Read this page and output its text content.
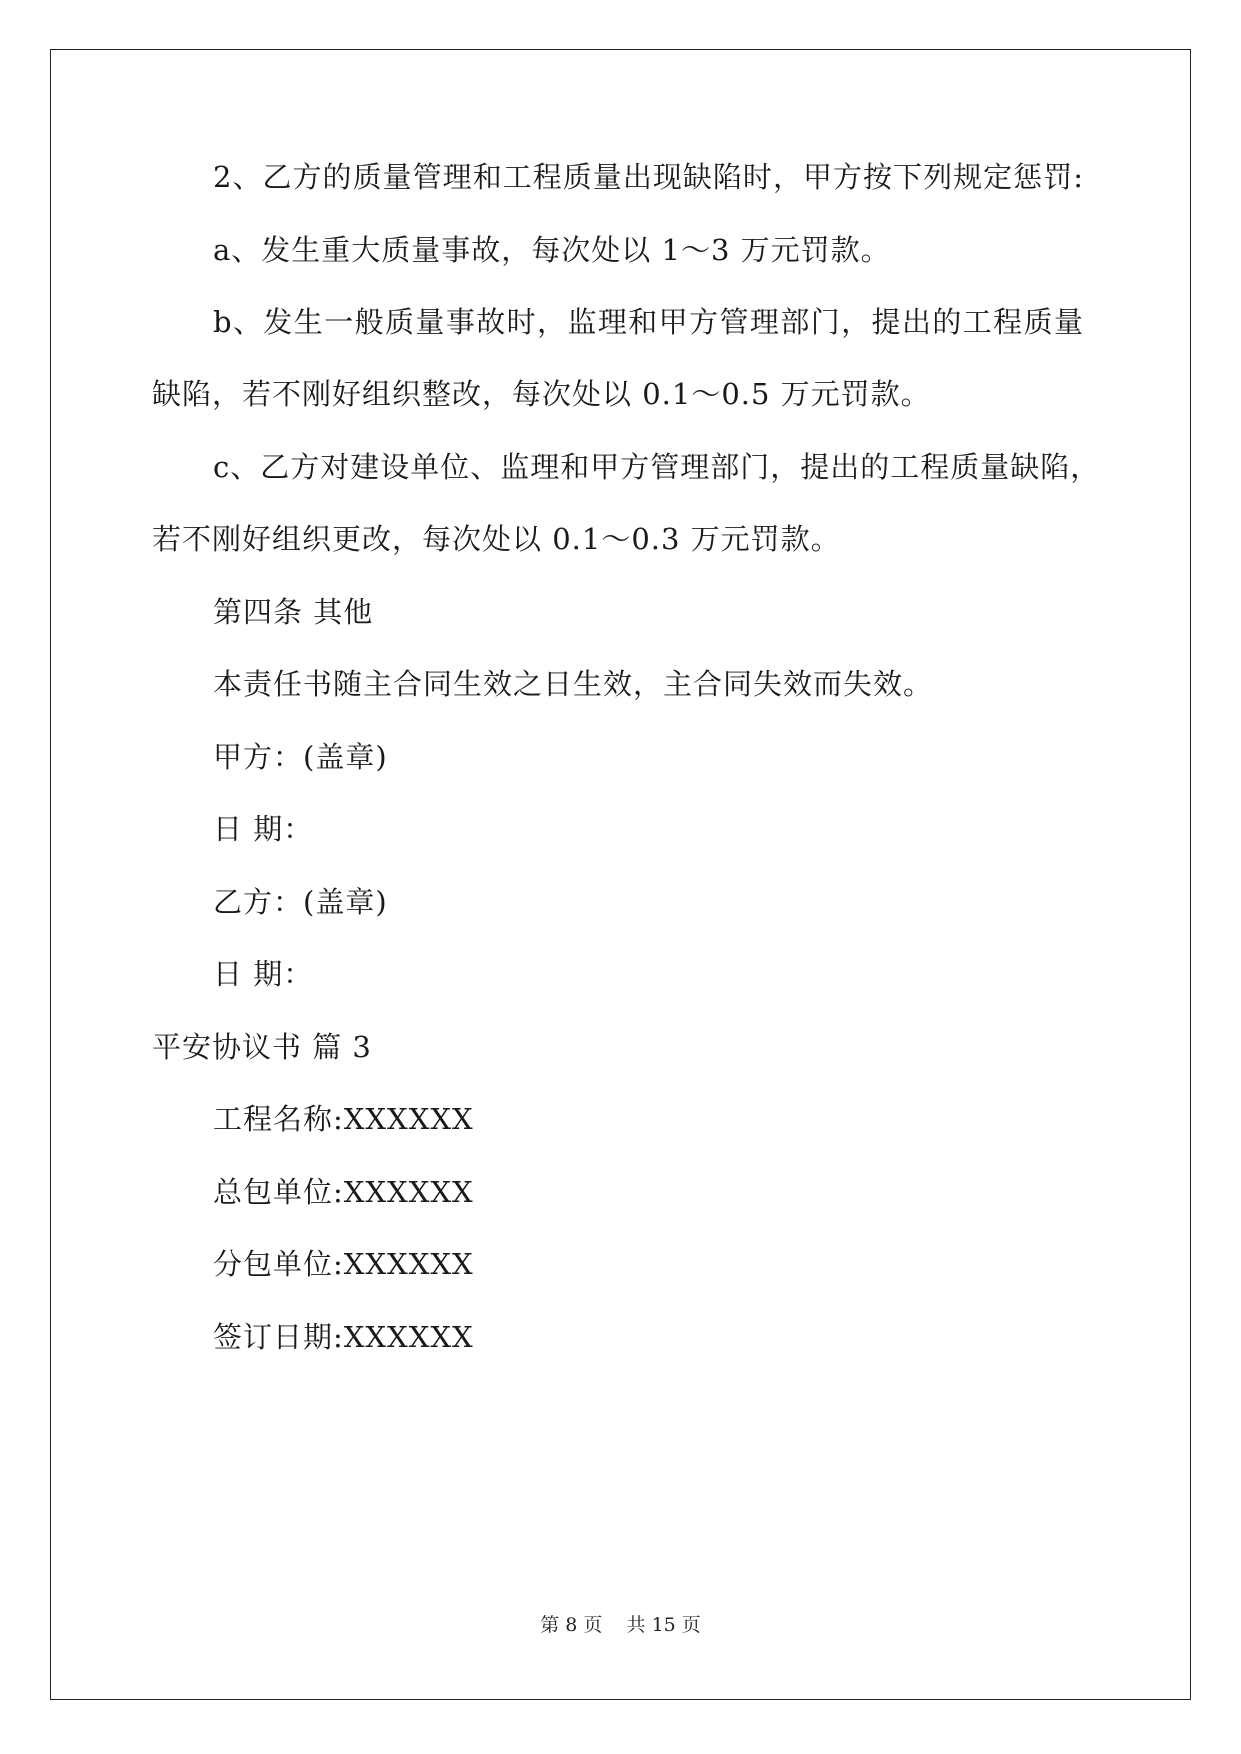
2、乙方的质量管理和工程质量出现缺陷时，甲方按下列规定惩罚:
a、发生重大质量事故，每次处以 1～3 万元罚款。
b、发生一般质量事故时，监理和甲方管理部门，提出的工程质量
缺陷，若不刚好组织整改，每次处以 0.1～0.5 万元罚款。
c、乙方对建设单位、监理和甲方管理部门，提出的工程质量缺陷，
若不刚好组织更改，每次处以 0.1～0.3 万元罚款。
第四条 其他
本责任书随主合同生效之日生效，主合同失效而失效。
甲方：(盖章)
日 期：
乙方：(盖章)
日 期：
平安协议书 篇 3
工程名称:XXXXXX
总包单位:XXXXXX
分包单位:XXXXXX
签订日期:XXXXXX
第 8 页    共 15 页
